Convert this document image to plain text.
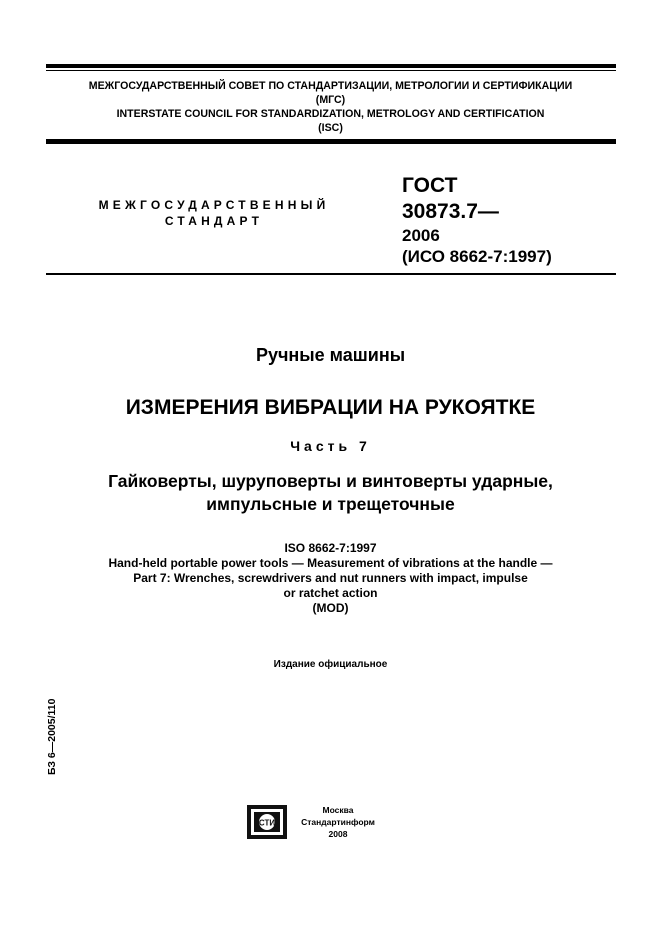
МЕЖГОСУДАРСТВЕННЫЙ СОВЕТ ПО СТАНДАРТИЗАЦИИ, МЕТРОЛОГИИ И СЕРТИФИКАЦИИ
(МГС)
INTERSTATE COUNCIL FOR STANDARDIZATION, METROLOGY AND CERTIFICATION
(ISC)
МЕЖГОСУДАРСТВЕННЫЙ
СТАНДАРТ
ГОСТ
30873.7—
2006
(ИСО 8662-7:1997)
Ручные машины
ИЗМЕРЕНИЯ ВИБРАЦИИ НА РУКОЯТКЕ
Часть 7
Гайковерты, шуруповерты и винтоверты ударные,
импульсные и трещеточные
ISO 8662-7:1997
Hand-held portable power tools — Measurement of vibrations at the handle —
Part 7: Wrenches, screwdrivers and nut runners with impact, impulse
or ratchet action
(MOD)
Издание официальное
БЗ 6—2005/110
СТИ
Москва
Стандартинформ
2008
